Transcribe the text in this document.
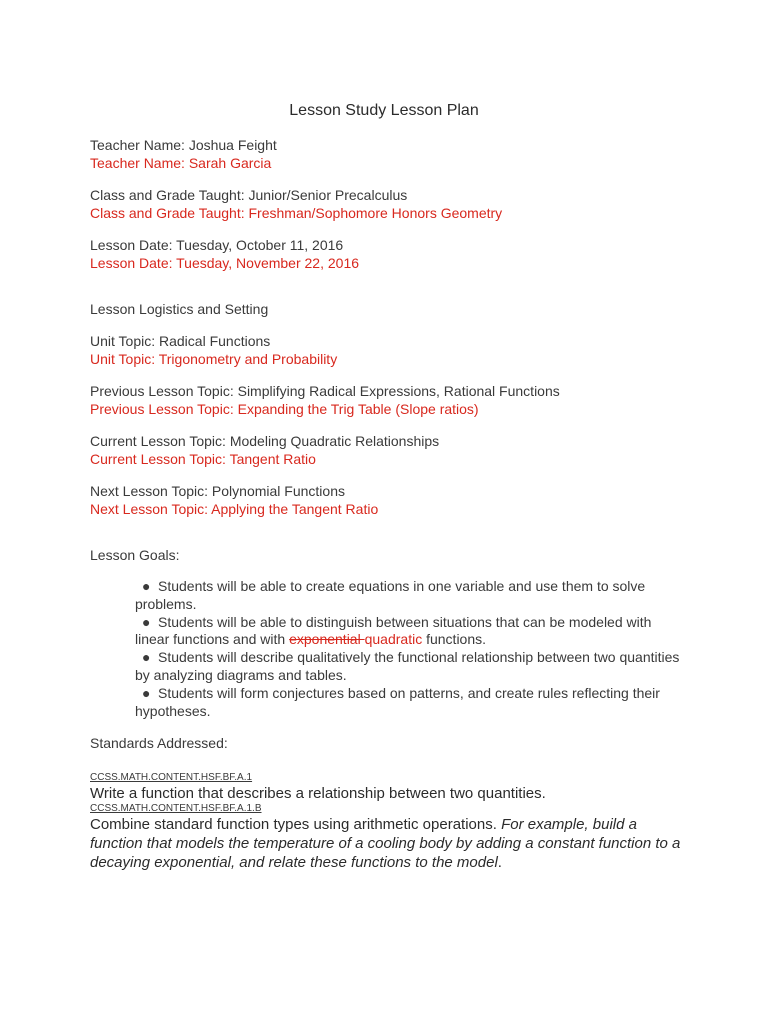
Lesson Study Lesson Plan
Teacher Name: Joshua Feight
Teacher Name: Sarah Garcia
Class and Grade Taught: Junior/Senior Precalculus
Class and Grade Taught: Freshman/Sophomore Honors Geometry
Lesson Date: Tuesday, October 11, 2016
Lesson Date: Tuesday, November 22, 2016
Lesson Logistics and Setting
Unit Topic: Radical Functions
Unit Topic: Trigonometry and Probability
Previous Lesson Topic: Simplifying Radical Expressions, Rational Functions
Previous Lesson Topic: Expanding the Trig Table (Slope ratios)
Current Lesson Topic: Modeling Quadratic Relationships
Current Lesson Topic: Tangent Ratio
Next Lesson Topic: Polynomial Functions
Next Lesson Topic: Applying the Tangent Ratio
Lesson Goals:
● Students will be able to create equations in one variable and use them to solve problems.
● Students will be able to distinguish between situations that can be modeled with linear functions and with exponential quadratic functions.
● Students will describe qualitatively the functional relationship between two quantities by analyzing diagrams and tables.
● Students will form conjectures based on patterns, and create rules reflecting their hypotheses.
Standards Addressed:
CCSS.MATH.CONTENT.HSF.BF.A.1
Write a function that describes a relationship between two quantities.
CCSS.MATH.CONTENT.HSF.BF.A.1.B
Combine standard function types using arithmetic operations. For example, build a function that models the temperature of a cooling body by adding a constant function to a decaying exponential, and relate these functions to the model.
